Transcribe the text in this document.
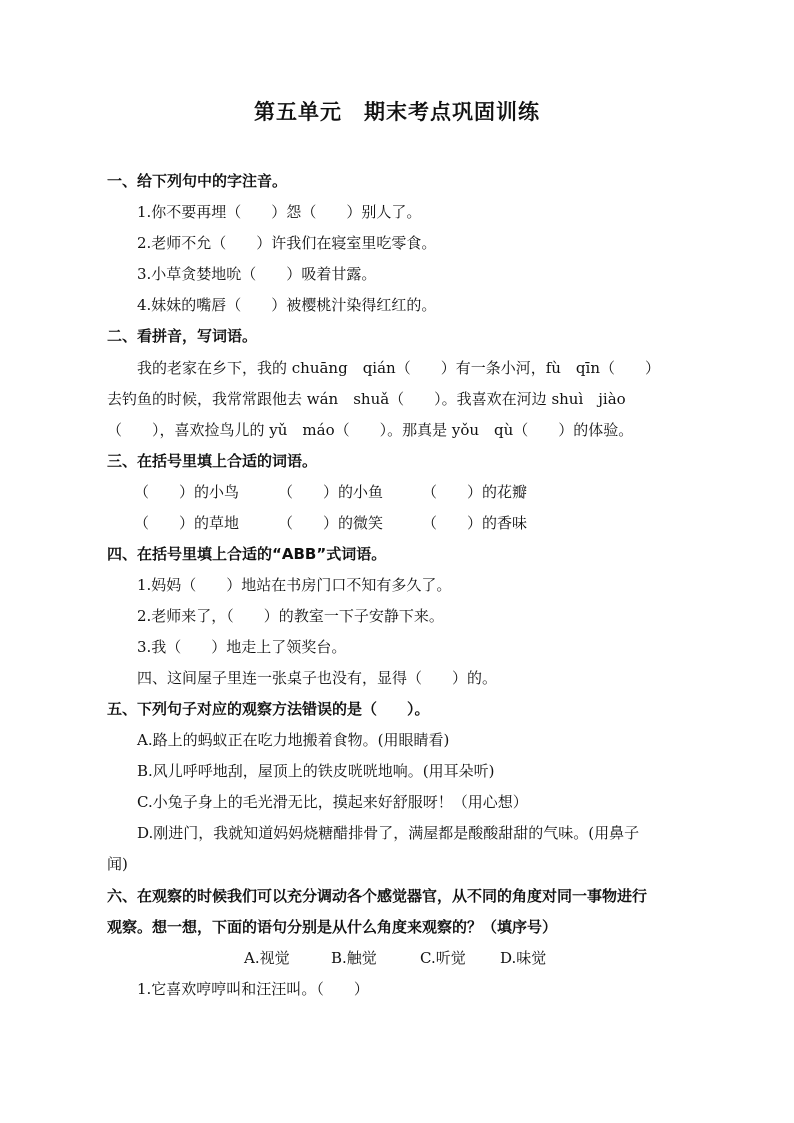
第五单元　期末考点巩固训练
一、给下列句中的字注音。
1.你不要再埋（　　）怨（　　）别人了。
2.老师不允（　　）许我们在寝室里吃零食。
3.小草贪婪地吮（　　）吸着甘露。
4.妹妹的嘴唇（　　）被樱桃汁染得红红的。
二、看拼音，写词语。
我的老家在乡下，我的 chuāng　qián（　　）有一条小河，fù　qīn（　　）
去钓鱼的时候，我常常跟他去 wán　shuǎ（　　）。我喜欢在河边 shuì　jiào
（　　），喜欢捡鸟儿的 yǔ　máo（　　）。那真是 yǒu　qù（　　）的体验。
三、在括号里填上合适的词语。
（　　）的小鸟	（　　）的小鱼	（　　）的花瓣
（　　）的草地	（　　）的微笑	（　　）的香味
四、在括号里填上合适的“ABB”式词语。
1.妈妈（　　）地站在书房门口不知有多久了。
2.老师来了，（　　）的教室一下子安静下来。
3.我（　　）地走上了领奖台。
四、这间屋子里连一张桌子也没有，显得（　　）的。
五、下列句子对应的观察方法错误的是（　　）。
A.路上的蚂蚁正在吃力地搬着食物。(用眼睛看)
B.风儿呼呼地刮，屋顶上的铁皮咣咣地响。(用耳朵听)
C.小兔子身上的毛光滑无比，摸起来好舒服呀！（用心想）
D.刚进门，我就知道妈妈烧糖醋排骨了，满屋都是酸酸甜甜的气味。(用鼻子
闻)
六、在观察的时候我们可以充分调动各个感觉器官，从不同的角度对同一事物进行
观察。想一想，下面的语句分别是从什么角度来观察的？（填序号）
A.视觉	B.触觉	C.听觉 D.味觉
1.它喜欢哼哼叫和汪汪叫。（　　）
